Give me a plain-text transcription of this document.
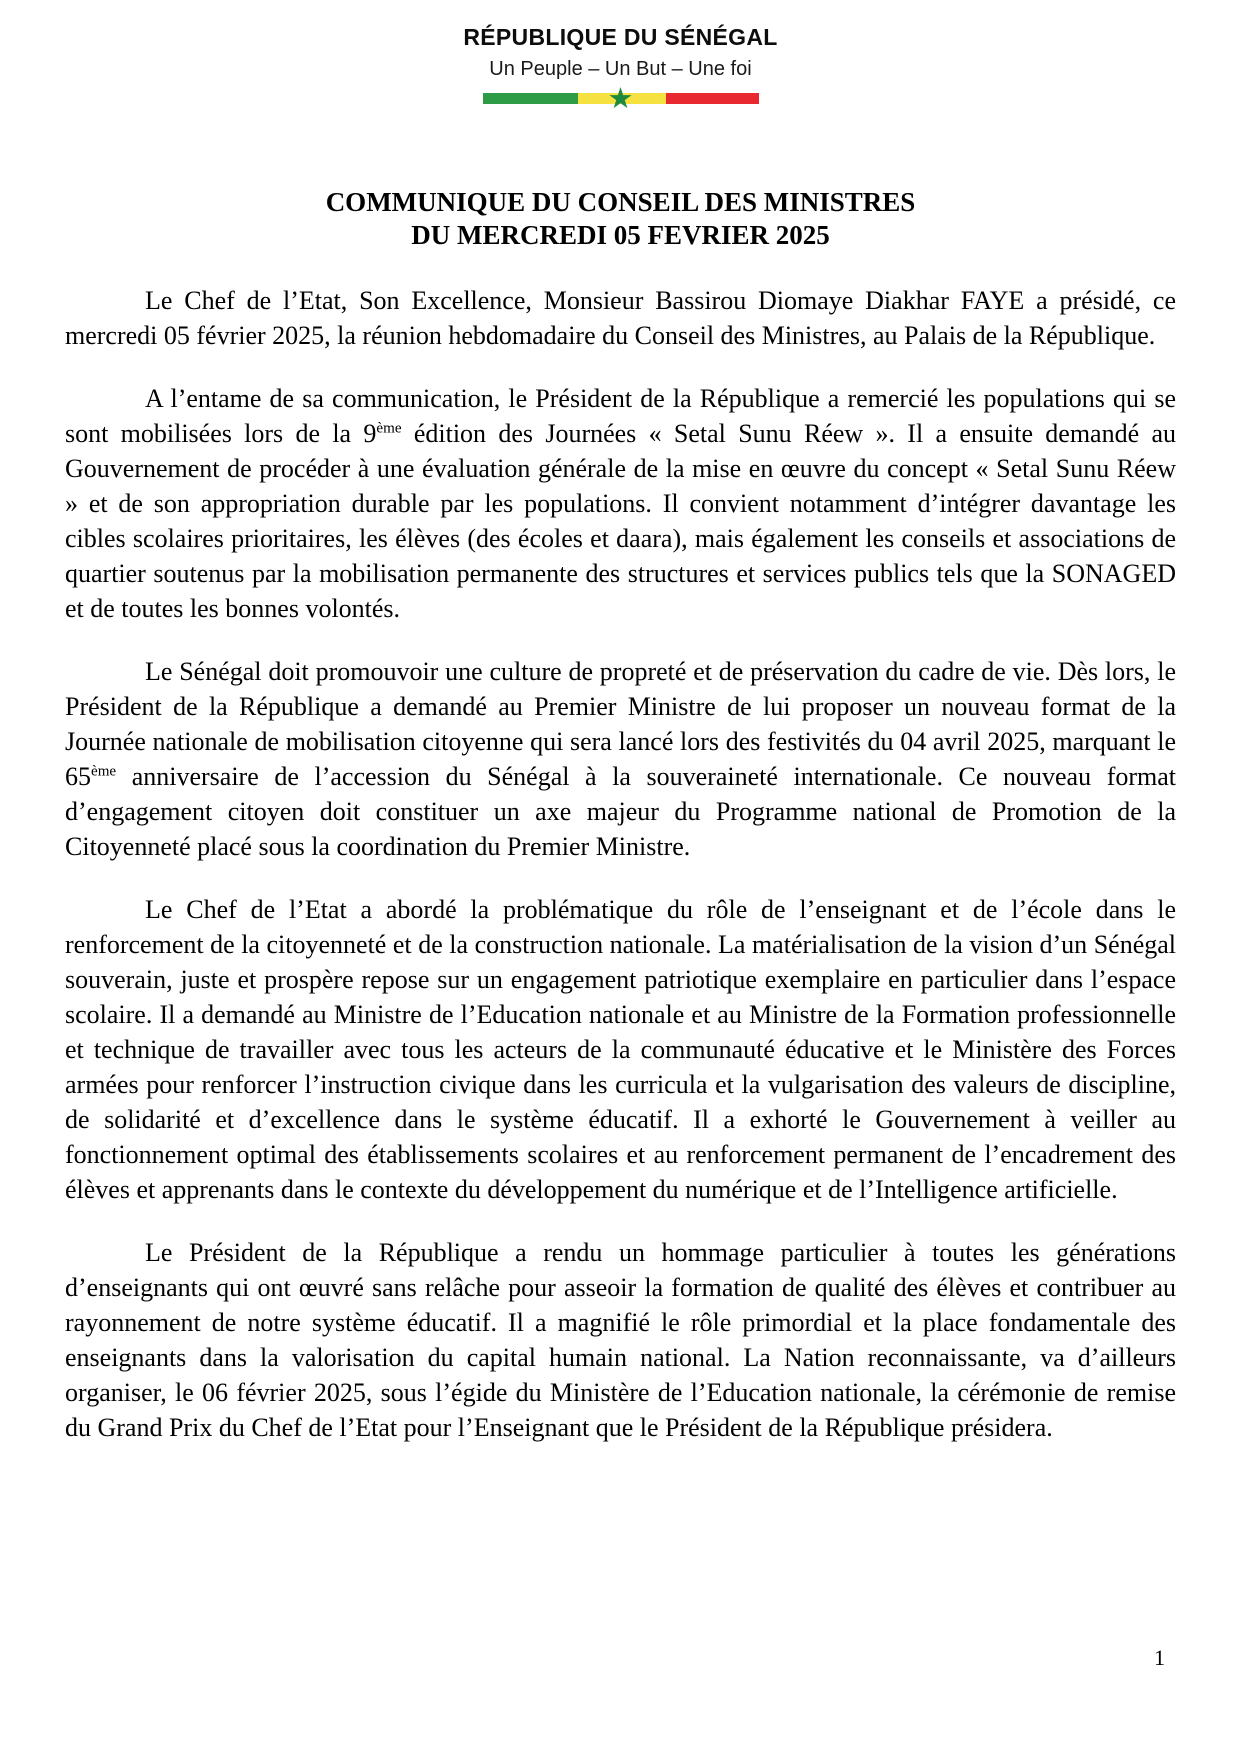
RÉPUBLIQUE DU SÉNÉGAL
Un Peuple – Un But – Une foi

★
COMMUNIQUE DU CONSEIL DES MINISTRES
DU MERCREDI 05 FEVRIER 2025

Le Chef de l’Etat, Son Excellence, Monsieur Bassirou Diomaye Diakhar FAYE a présidé, ce mercredi 05 février 2025, la réunion hebdomadaire du Conseil des Ministres, au Palais de la République.

A l’entame de sa communication, le Président de la République a remercié les populations qui se sont mobilisées lors de la 9ème édition des Journées « Setal Sunu Réew ». Il a ensuite demandé au Gouvernement de procéder à une évaluation générale de la mise en œuvre du concept « Setal Sunu Réew » et de son appropriation durable par les populations. Il convient notamment d’intégrer davantage les cibles scolaires prioritaires, les élèves (des écoles et daara), mais également les conseils et associations de quartier soutenus par la mobilisation permanente des structures et services publics tels que la SONAGED et de toutes les bonnes volontés.

Le Sénégal doit promouvoir une culture de propreté et de préservation du cadre de vie. Dès lors, le Président de la République a demandé au Premier Ministre de lui proposer un nouveau format de la Journée nationale de mobilisation citoyenne qui sera lancé lors des festivités du 04 avril 2025, marquant le 65ème anniversaire de l’accession du Sénégal à la souveraineté internationale. Ce nouveau format d’engagement citoyen doit constituer un axe majeur du Programme national de Promotion de la Citoyenneté placé sous la coordination du Premier Ministre.

Le Chef de l’Etat a abordé la problématique du rôle de l’enseignant et de l’école dans le renforcement de la citoyenneté et de la construction nationale. La matérialisation de la vision d’un Sénégal souverain, juste et prospère repose sur un engagement patriotique exemplaire en particulier dans l’espace scolaire. Il a demandé au Ministre de l’Education nationale et au Ministre de la Formation professionnelle et technique de travailler avec tous les acteurs de la communauté éducative et le Ministère des Forces armées pour renforcer l’instruction civique dans les curricula et la vulgarisation des valeurs de discipline, de solidarité et d’excellence dans le système éducatif. Il a exhorté le Gouvernement à veiller au fonctionnement optimal des établissements scolaires et au renforcement permanent de l’encadrement des élèves et apprenants dans le contexte du développement du numérique et de l’Intelligence artificielle.

Le Président de la République a rendu un hommage particulier à toutes les générations d’enseignants qui ont œuvré sans relâche pour asseoir la formation de qualité des élèves et contribuer au rayonnement de notre système éducatif. Il a magnifié le rôle primordial et la place fondamentale des enseignants dans la valorisation du capital humain national. La Nation reconnaissante, va d’ailleurs organiser, le 06 février 2025, sous l’égide du Ministère de l’Education nationale, la cérémonie de remise du Grand Prix du Chef de l’Etat pour l’Enseignant que le Président de la République présidera.

1
